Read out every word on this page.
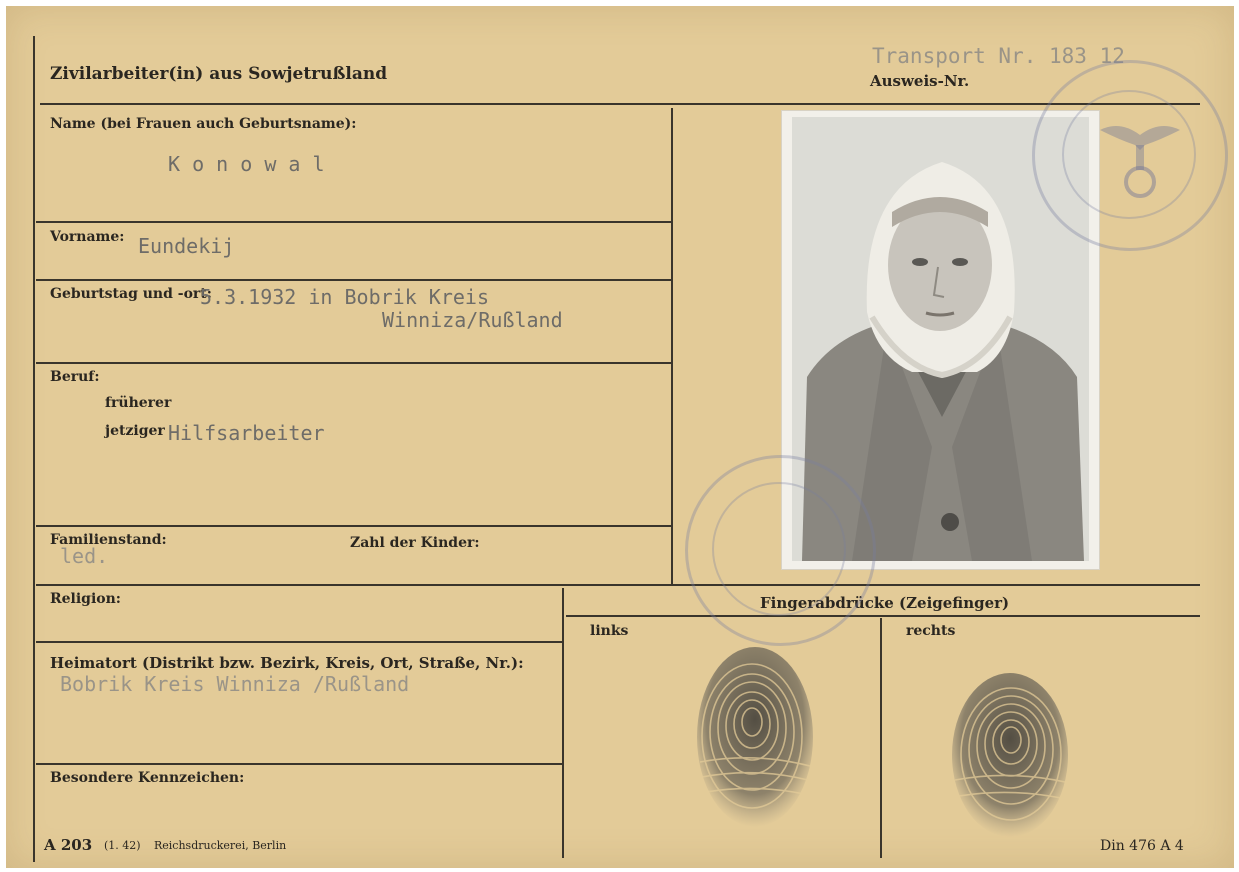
Zivilarbeiter(in) aus Sowjetrußland
Transport Nr. 183 12
Ausweis-Nr.
Name (bei Frauen auch Geburtsname):
K o n o w a l
Vorname: Eundekij
Geburtstag und -ort:
5.3.1932 in Bobrik Kreis
Winniza/Rußland
Beruf:
früherer
jetziger Hilfsarbeiter
Familienstand:
led.
Zahl der Kinder:
Religion:
Heimatort (Distrikt bzw. Bezirk, Kreis, Ort, Straße, Nr.):
Bobrik Kreis Winniza /Rußland
Besondere Kennzeichen:
Fingerabdrücke (Zeigefinger)
links	rechts
A 203 (1. 42) Reichsdruckerei, Berlin	Din 476 A 4
